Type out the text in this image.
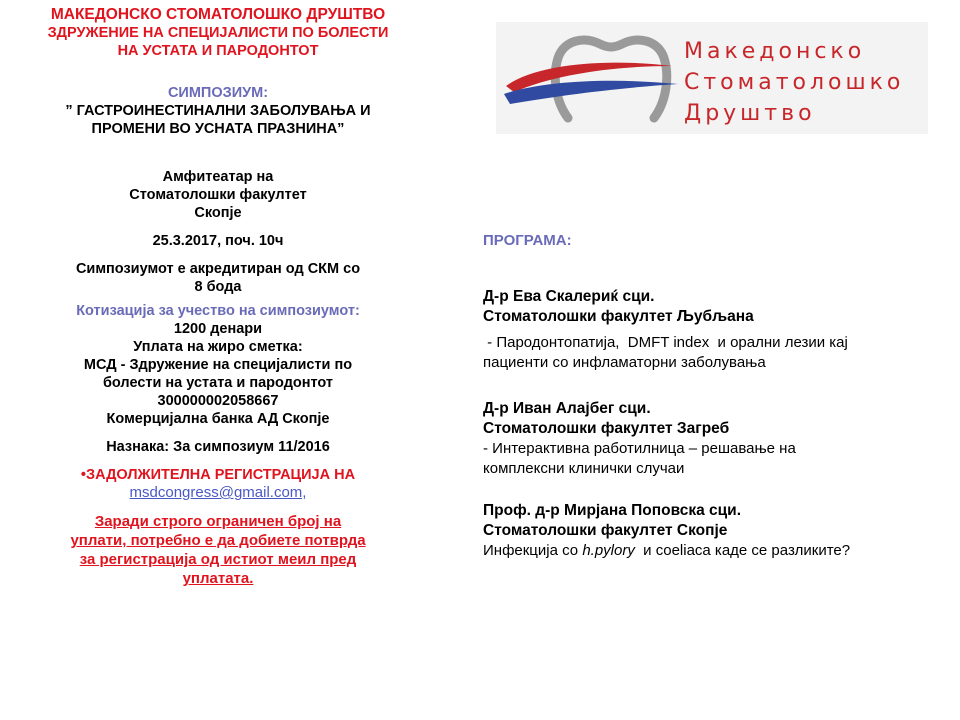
МАКЕДОНСКО СТОМАТОЛОШКО ДРУШТВО
ЗДРУЖЕНИЕ НА СПЕЦИЈАЛИСТИ ПО БОЛЕСТИ
НА УСТАТА И ПАРОДОНТОТ
СИМПОЗИУМ:
” ГАСТРОИНЕСТИНАЛНИ ЗАБОЛУВАЊА И
ПРОМЕНИ ВО УСНАТА ПРАЗНИНА”
Амфитеатар на
Стоматолошки факултет
Скопје
25.3.2017, поч. 10ч
Симпозиумот е акредитиран од СКМ со
8 бода
Котизација за учество на симпозиумот:
1200 денари
Уплата на жиро сметка:
МСД - Здружение на специјалисти по
болести на устата и пародонтот
300000002058667
Комерцијална банка АД Скопје
Назнака: За симпозиум 11/2016
•ЗАДОЛЖИТЕЛНА РЕГИСТРАЦИЈА НА
msdcongress@gmail.com,
Заради строго ограничен број на
уплати, потребно е да добиете потврда
за регистрација од истиот меил пред
уплатата.
Македонско
Стоматолошко
Друштво
ПРОГРАМА:
Д-р Ева Скалериќ сци.
Стоматолошки факултет Љубљана
- Пародонтопатија,  DMFT index  и орални лезии кај
пациенти со инфламаторни заболувања
Д-р Иван Алајбег сци.
Стоматолошки факултет Загреб
- Интерактивна работилница – решавање на
комплексни клинички случаи
Проф. д-р Мирјана Поповска сци.
Стоматолошки факултет Скопје
Инфекција со h.pylory  и coeliaca каде се разликите?
